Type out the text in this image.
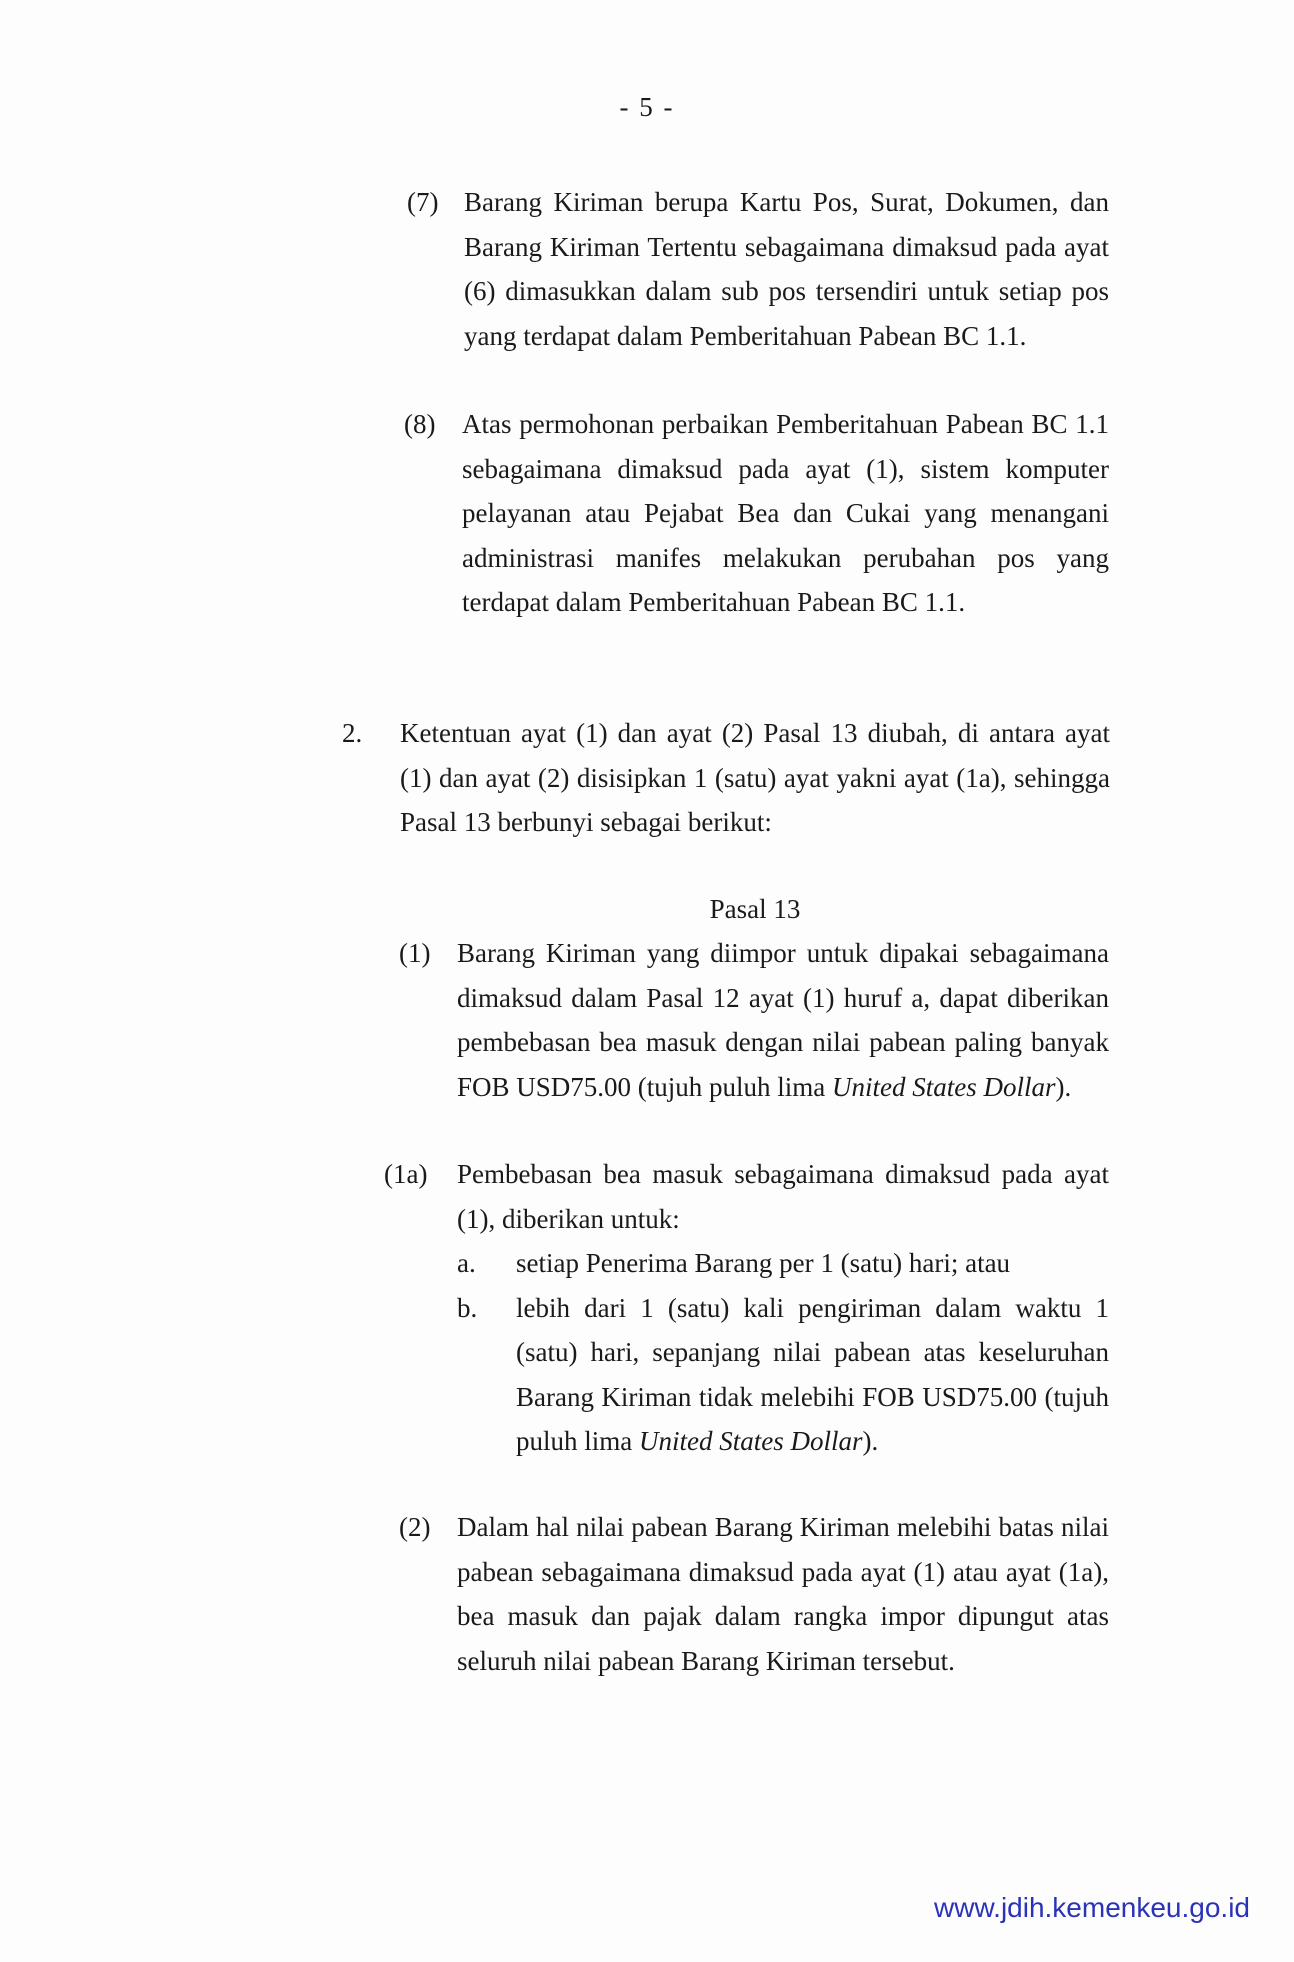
- 5 -
(7) Barang Kiriman berupa Kartu Pos, Surat, Dokumen, dan Barang Kiriman Tertentu sebagaimana dimaksud pada ayat (6) dimasukkan dalam sub pos tersendiri untuk setiap pos yang terdapat dalam Pemberitahuan Pabean BC 1.1.
(8) Atas permohonan perbaikan Pemberitahuan Pabean BC 1.1 sebagaimana dimaksud pada ayat (1), sistem komputer pelayanan atau Pejabat Bea dan Cukai yang menangani administrasi manifes melakukan perubahan pos yang terdapat dalam Pemberitahuan Pabean BC 1.1.
2. Ketentuan ayat (1) dan ayat (2) Pasal 13 diubah, di antara ayat (1) dan ayat (2) disisipkan 1 (satu) ayat yakni ayat (1a), sehingga Pasal 13 berbunyi sebagai berikut:
Pasal 13
(1) Barang Kiriman yang diimpor untuk dipakai sebagaimana dimaksud dalam Pasal 12 ayat (1) huruf a, dapat diberikan pembebasan bea masuk dengan nilai pabean paling banyak FOB USD75.00 (tujuh puluh lima United States Dollar).
(1a) Pembebasan bea masuk sebagaimana dimaksud pada ayat (1), diberikan untuk:
a. setiap Penerima Barang per 1 (satu) hari; atau
b. lebih dari 1 (satu) kali pengiriman dalam waktu 1 (satu) hari, sepanjang nilai pabean atas keseluruhan Barang Kiriman tidak melebihi FOB USD75.00 (tujuh puluh lima United States Dollar).
(2) Dalam hal nilai pabean Barang Kiriman melebihi batas nilai pabean sebagaimana dimaksud pada ayat (1) atau ayat (1a), bea masuk dan pajak dalam rangka impor dipungut atas seluruh nilai pabean Barang Kiriman tersebut.
www.jdih.kemenkeu.go.id
